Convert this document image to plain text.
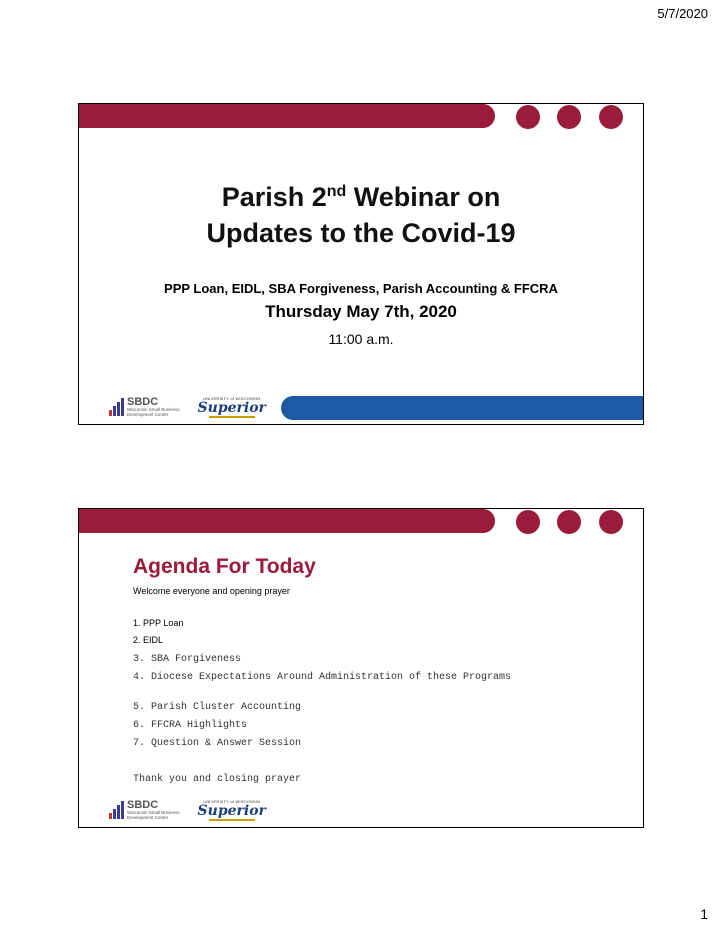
5/7/2020
Parish 2nd Webinar on
Updates to the Covid-19
PPP Loan, EIDL, SBA Forgiveness, Parish Accounting & FFCRA
Thursday May 7th, 2020
11:00 a.m.
SBDC
Wisconsin Small Business
Development Center
UNIVERSITY of WISCONSIN
Superior
Agenda For Today
Welcome everyone and opening prayer
1. PPP Loan
2. EIDL
3. SBA Forgiveness
4. Diocese Expectations Around Administration of these Programs
5. Parish Cluster Accounting
6. FFCRA Highlights
7. Question & Answer Session
Thank you and closing prayer
SBDC
Wisconsin Small Business
Development Center
UNIVERSITY of WISCONSIN
Superior
1
